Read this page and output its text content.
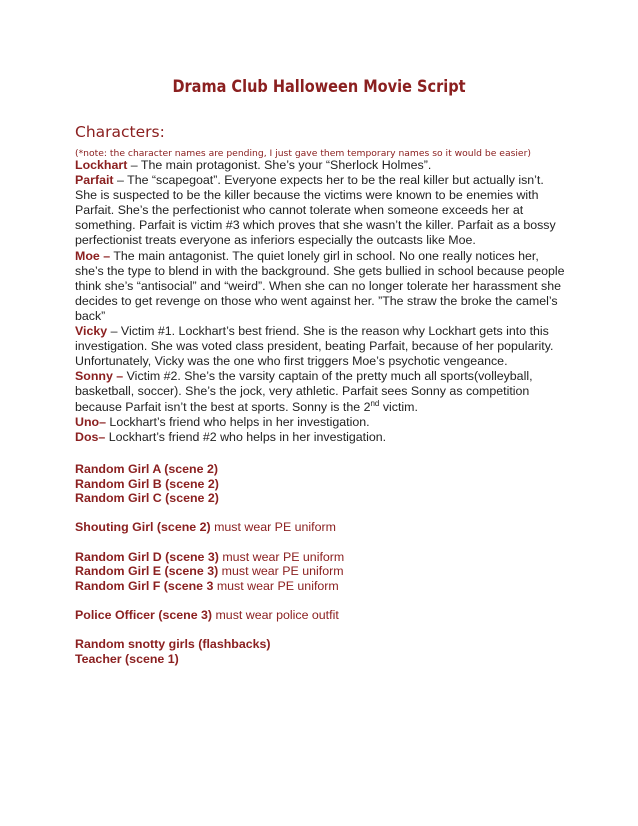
Drama Club Halloween Movie Script
Characters:
(*note: the character names are pending, I just gave them temporary names so it would be easier)

Lockhart – The main protagonist. She’s your “Sherlock Holmes”.

Parfait – The “scapegoat”. Everyone expects her to be the real killer but actually isn’t. She is suspected to be the killer because the victims were known to be enemies with Parfait. She’s the perfectionist who cannot tolerate when someone exceeds her at something. Parfait is victim #3 which proves that she wasn’t the killer. Parfait as a bossy perfectionist treats everyone as inferiors especially the outcasts like Moe.

Moe – The main antagonist. The quiet lonely girl in school. No one really notices her, she’s the type to blend in with the background. She gets bullied in school because people think she’s “antisocial” and “weird”. When she can no longer tolerate her harassment she decides to get revenge on those who went against her. ”The straw the broke the camel’s back”

Vicky – Victim #1. Lockhart’s best friend. She is the reason why Lockhart gets into this investigation. She was voted class president, beating Parfait, because of her popularity. Unfortunately, Vicky was the one who first triggers Moe’s psychotic vengeance.

Sonny – Victim #2. She’s the varsity captain of the pretty much all sports(volleyball, basketball, soccer). She’s the jock, very athletic. Parfait sees Sonny as competition because Parfait isn’t the best at sports. Sonny is the 2nd victim.

Uno– Lockhart’s friend who helps in her investigation.

Dos– Lockhart’s friend #2 who helps in her investigation.

Random Girl A (scene 2)
Random Girl B (scene 2)
Random Girl C (scene 2)
Shouting Girl (scene 2) must wear PE uniform
Random Girl D (scene 3) must wear PE uniform
Random Girl E (scene 3) must wear PE uniform
Random Girl F (scene 3 must wear PE uniform
Police Officer (scene 3) must wear police outfit
Random snotty girls (flashbacks)
Teacher (scene 1)
